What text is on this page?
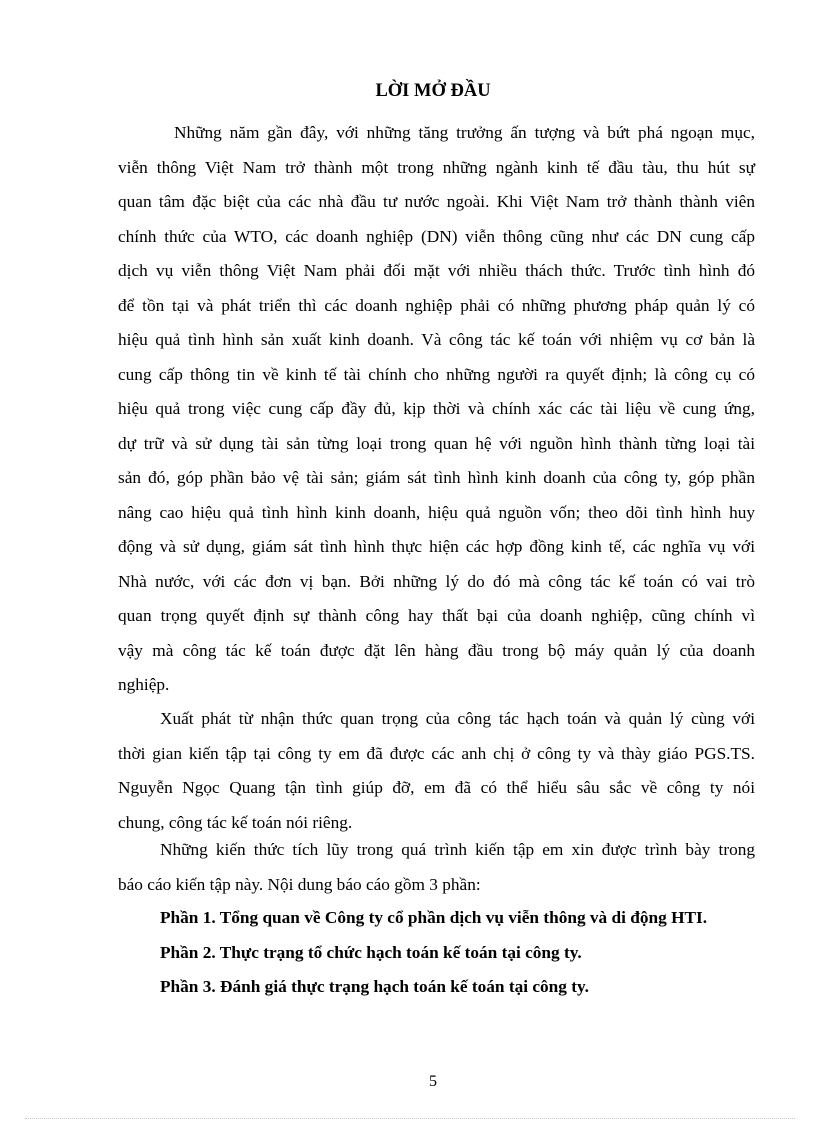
LỜI MỞ ĐẦU
Những năm gần đây, với những tăng trưởng ấn tượng và bứt phá ngoạn mục,
viễn thông Việt Nam trở thành một trong những ngành kinh tế đầu tàu, thu hút sự
quan tâm đặc biệt của các nhà đầu tư nước ngoài. Khi Việt Nam trở thành thành viên
chính thức của WTO, các doanh nghiệp (DN) viễn thông cũng như các DN cung cấp
dịch vụ viễn thông Việt Nam phải đối mặt với nhiều thách thức. Trước tình hình đó
để tồn tại và phát triển thì các doanh nghiệp phải có những phương pháp quản lý có
hiệu quả tình hình sản xuất kinh doanh. Và công tác kế toán với nhiệm vụ cơ bản là
cung cấp thông tin về kinh tế tài chính cho những người ra quyết định; là công cụ có
hiệu quả trong việc cung cấp đầy đủ, kịp thời và chính xác các tài liệu về cung ứng,
dự trữ và sử dụng tài sản từng loại trong quan hệ với nguồn hình thành từng loại tài
sản đó, góp phần bảo vệ tài sản; giám sát tình hình kinh doanh của công ty, góp phần
nâng cao hiệu quả tình hình kinh doanh, hiệu quả nguồn vốn; theo dõi tình hình huy
động và sử dụng, giám sát tình hình thực hiện các hợp đồng kinh tế, các nghĩa vụ với
Nhà nước, với các đơn vị bạn. Bởi những lý do đó mà công tác kế toán có vai trò
quan trọng quyết định sự thành công hay thất bại của doanh nghiệp, cũng chính vì
vậy mà công tác kế toán được đặt lên hàng đầu trong bộ máy quản lý của doanh
nghiệp.
Xuất phát từ nhận thức quan trọng của công tác hạch toán và quản lý cùng với
thời gian kiến tập tại công ty em đã được các anh chị ở công ty và thày giáo PGS.TS.
Nguyễn Ngọc Quang tận tình giúp đỡ, em đã có thể hiểu sâu sắc về công ty nói
chung, công tác kế toán nói riêng.
Những kiến thức tích lũy trong quá trình kiến tập em xin được trình bày trong
báo cáo kiến tập này. Nội dung báo cáo gồm 3 phần:
Phần 1. Tổng quan về Công ty cổ phần dịch vụ viễn thông và di động HTI.
Phần 2. Thực trạng tổ chức hạch toán kế toán tại công ty.
Phần 3. Đánh giá thực trạng hạch toán kế toán tại công ty.
5
